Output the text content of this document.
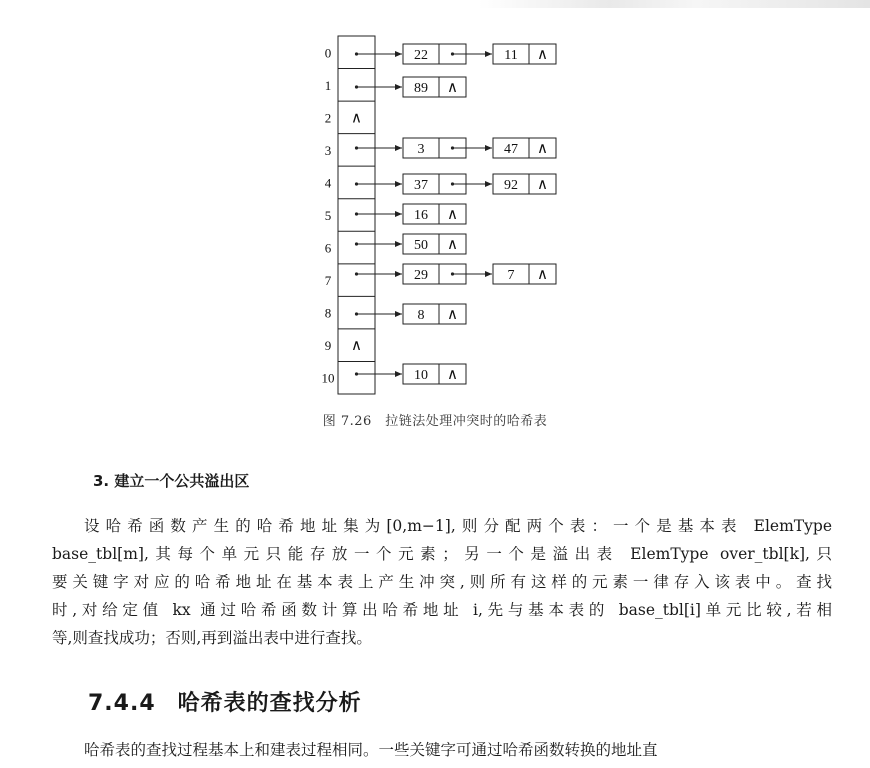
0	22	11 ∧
1	89 ∧
2 ∧
3	3	47 ∧
4	37	92 ∧
5	16 ∧
6	50 ∧
7	29	7 ∧
8	8 ∧
9 ∧
10	10 ∧
图 7.26　拉链法处理冲突时的哈希表
3. 建立一个公共溢出区
设哈希函数产生的哈希地址集为[0,m−1],则分配两个表：一个是基本表 ElemType
base_tbl[m],其每个单元只能存放一个元素；另一个是溢出表 ElemType over_tbl[k],只
要关键字对应的哈希地址在基本表上产生冲突,则所有这样的元素一律存入该表中。查找
时,对给定值 kx 通过哈希函数计算出哈希地址 i,先与基本表的 base_tbl[i]单元比较,若相
等,则查找成功；否则,再到溢出表中进行查找。
7.4.4 哈希表的查找分析
哈希表的查找过程基本上和建表过程相同。一些关键字可通过哈希函数转换的地址直
